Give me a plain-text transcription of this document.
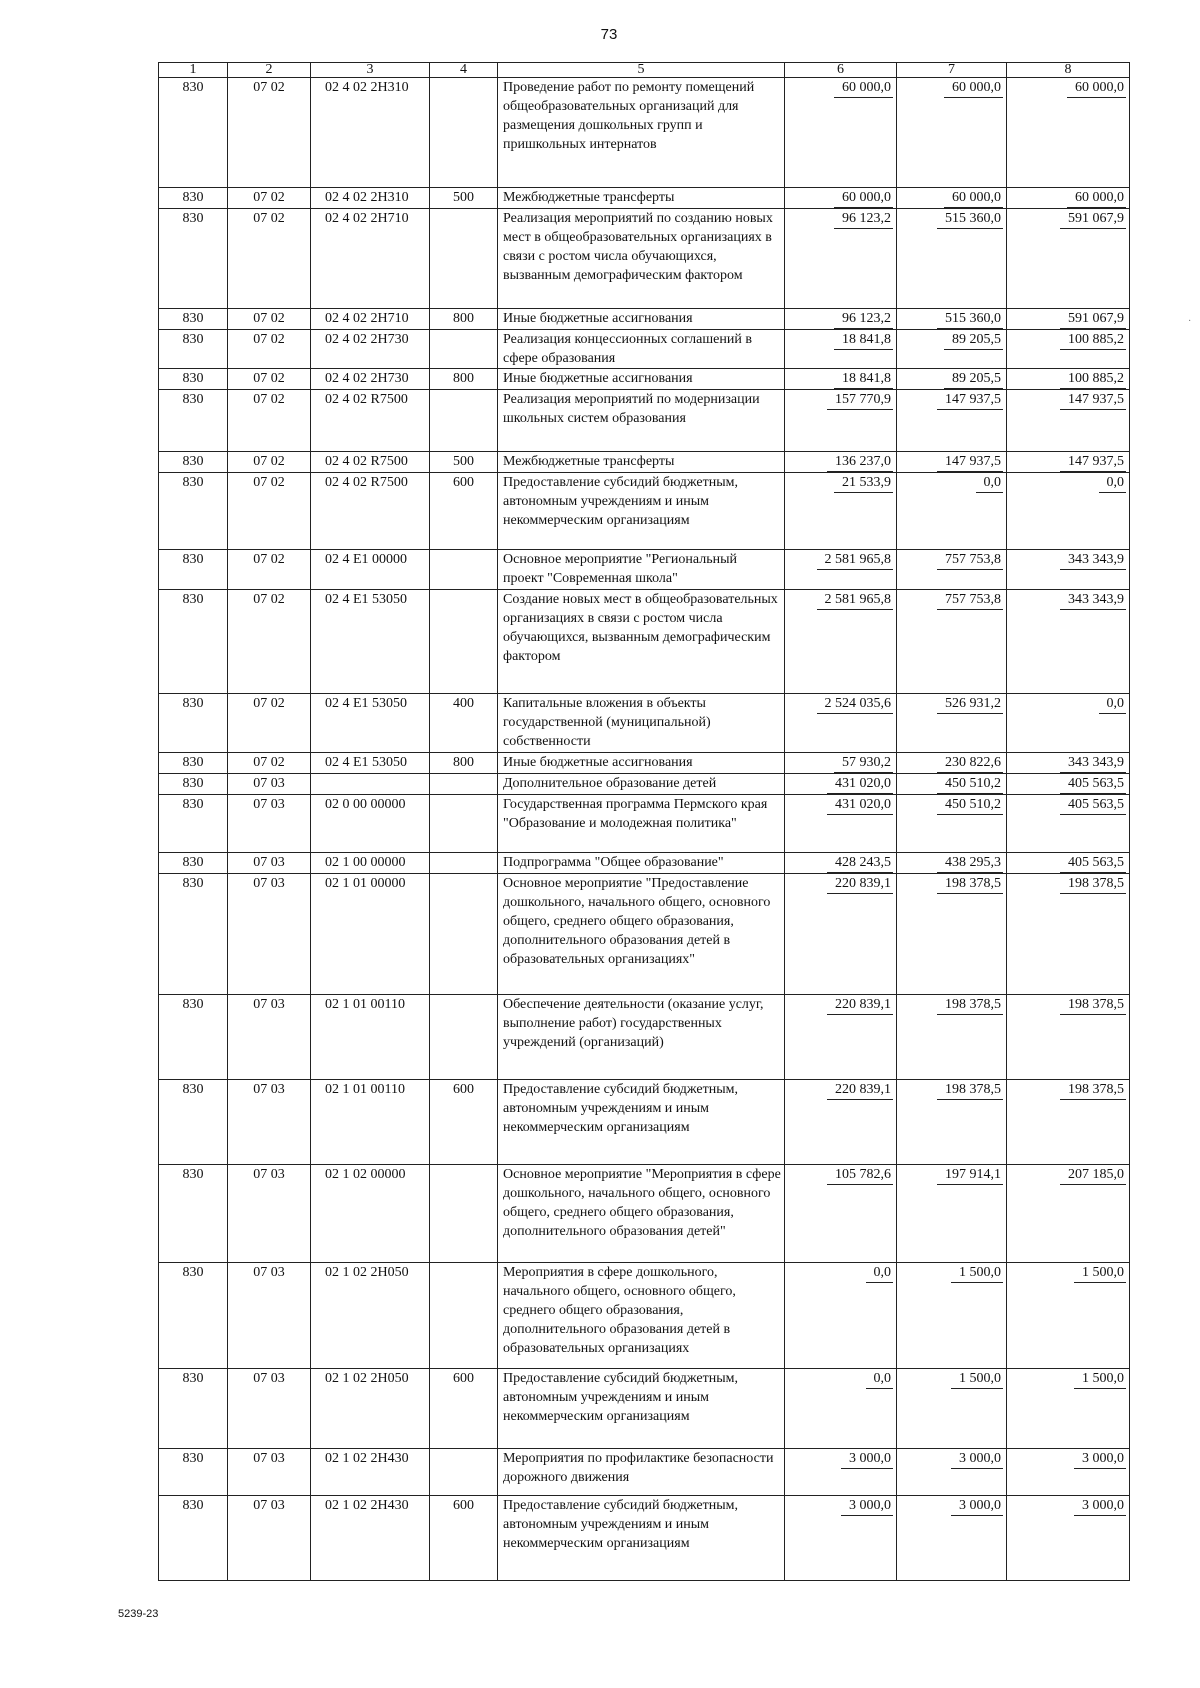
73
1	2	3	4	5	6	7	8
830	07 02	02 4 02 2Н310		Проведение работ по ремонту помещений общеобразовательных организаций для размещения дошкольных групп и пришкольных интернатов	60 000,0	60 000,0	60 000,0
830	07 02	02 4 02 2Н310	500	Межбюджетные трансферты	60 000,0	60 000,0	60 000,0
830	07 02	02 4 02 2Н710		Реализация мероприятий по созданию новых мест в общеобразовательных организациях в связи с ростом числа обучающихся, вызванным демографическим фактором	96 123,2	515 360,0	591 067,9
830	07 02	02 4 02 2Н710	800	Иные бюджетные ассигнования	96 123,2	515 360,0	591 067,9
830	07 02	02 4 02 2Н730		Реализация концессионных соглашений в сфере образования	18 841,8	89 205,5	100 885,2
830	07 02	02 4 02 2Н730	800	Иные бюджетные ассигнования	18 841,8	89 205,5	100 885,2
830	07 02	02 4 02 R7500		Реализация мероприятий по модернизации школьных систем образования	157 770,9	147 937,5	147 937,5
830	07 02	02 4 02 R7500	500	Межбюджетные трансферты	136 237,0	147 937,5	147 937,5
830	07 02	02 4 02 R7500	600	Предоставление субсидий бюджетным, автономным учреждениям и иным некоммерческим организациям	21 533,9	0,0	0,0
830	07 02	02 4 Е1 00000		Основное мероприятие "Региональный проект "Современная школа"	2 581 965,8	757 753,8	343 343,9
830	07 02	02 4 Е1 53050		Создание новых мест в общеобразовательных организациях в связи с ростом числа обучающихся, вызванным демографическим фактором	2 581 965,8	757 753,8	343 343,9
830	07 02	02 4 Е1 53050	400	Капитальные вложения в объекты государственной (муниципальной) собственности	2 524 035,6	526 931,2	0,0
830	07 02	02 4 Е1 53050	800	Иные бюджетные ассигнования	57 930,2	230 822,6	343 343,9
830	07 03			Дополнительное образование детей	431 020,0	450 510,2	405 563,5
830	07 03	02 0 00 00000		Государственная программа Пермского края "Образование и молодежная политика"	431 020,0	450 510,2	405 563,5
830	07 03	02 1 00 00000		Подпрограмма "Общее образование"	428 243,5	438 295,3	405 563,5
830	07 03	02 1 01 00000		Основное мероприятие "Предоставление дошкольного, начального общего, основного общего, среднего общего образования, дополнительного образования детей в образовательных организациях"	220 839,1	198 378,5	198 378,5
830	07 03	02 1 01 00110		Обеспечение деятельности (оказание услуг, выполнение работ) государственных учреждений (организаций)	220 839,1	198 378,5	198 378,5
830	07 03	02 1 01 00110	600	Предоставление субсидий бюджетным, автономным учреждениям и иным некоммерческим организациям	220 839,1	198 378,5	198 378,5
830	07 03	02 1 02 00000		Основное мероприятие "Мероприятия в сфере дошкольного, начального общего, основного общего, среднего общего образования, дополнительного образования детей"	105 782,6	197 914,1	207 185,0
830	07 03	02 1 02 2Н050		Мероприятия в сфере дошкольного, начального общего, основного общего, среднего общего образования, дополнительного образования детей в образовательных организациях	0,0	1 500,0	1 500,0
830	07 03	02 1 02 2Н050	600	Предоставление субсидий бюджетным, автономным учреждениям и иным некоммерческим организациям	0,0	1 500,0	1 500,0
830	07 03	02 1 02 2Н430		Мероприятия по профилактике безопасности дорожного движения	3 000,0	3 000,0	3 000,0
830	07 03	02 1 02 2Н430	600	Предоставление субсидий бюджетным, автономным учреждениям и иным некоммерческим организациям	3 000,0	3 000,0	3 000,0
·
5239-23
